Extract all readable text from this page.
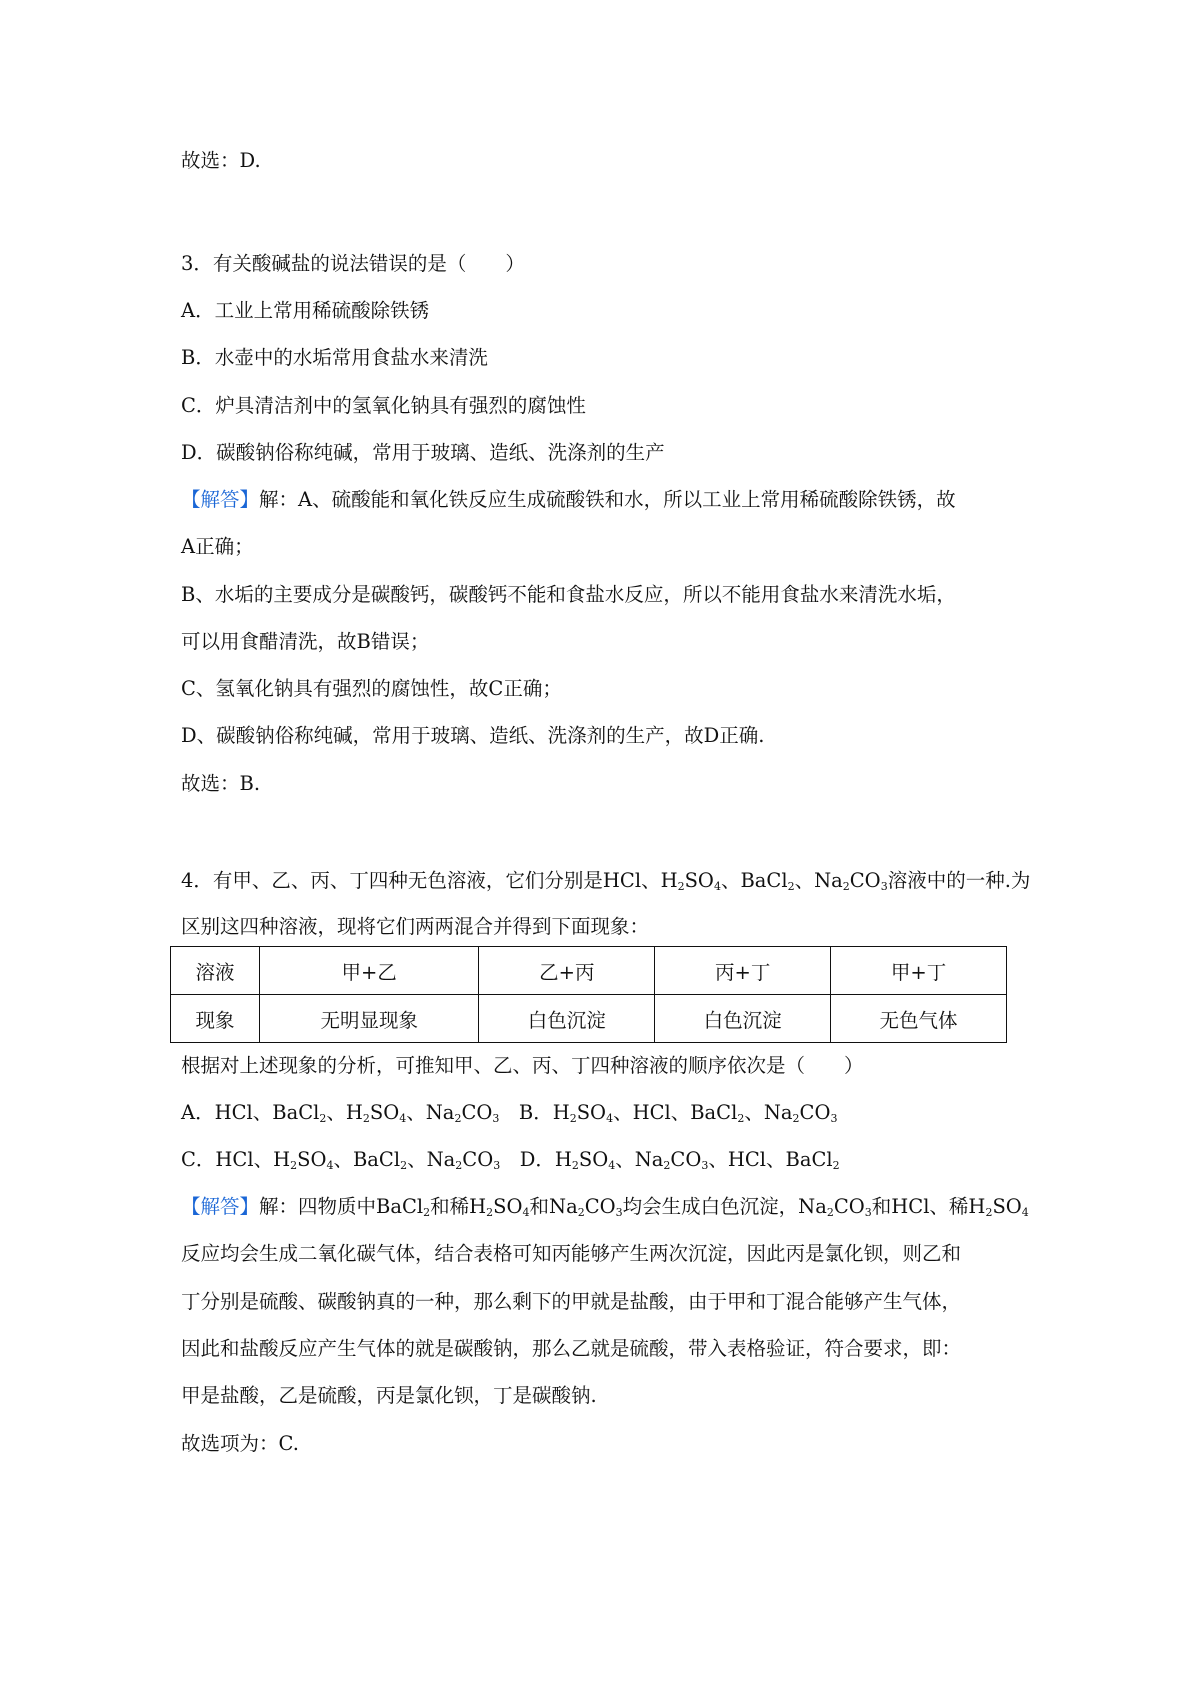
故选：D.
3．有关酸碱盐的说法错误的是（　　）
A．工业上常用稀硫酸除铁锈
B．水壶中的水垢常用食盐水来清洗
C．炉具清洁剂中的氢氧化钠具有强烈的腐蚀性
D．碳酸钠俗称纯碱，常用于玻璃、造纸、洗涤剂的生产
【解答】解：A、硫酸能和氧化铁反应生成硫酸铁和水，所以工业上常用稀硫酸除铁锈，故
A正确；
B、水垢的主要成分是碳酸钙，碳酸钙不能和食盐水反应，所以不能用食盐水来清洗水垢，
可以用食醋清洗，故B错误；
C、氢氧化钠具有强烈的腐蚀性，故C正确；
D、碳酸钠俗称纯碱，常用于玻璃、造纸、洗涤剂的生产，故D正确.
故选：B.
4．有甲、乙、丙、丁四种无色溶液，它们分别是HCl、$H_2SO_4$、BaCl$_2$、$Na_2CO_3$溶液中的一种.为
区别这四种溶液，现将它们两两混合并得到下面现象：
溶液	甲+乙	乙+丙	丙+丁	甲+丁
现象	无明显现象	白色沉淀	白色沉淀	无色气体
根据对上述现象的分析，可推知甲、乙、丙、丁四种溶液的顺序依次是（　　）
A．HCl、BaCl$_2$、$H_2SO_4$、$Na_2CO_3$　B．$H_2SO_4$、HCl、BaCl$_2$、$Na_2CO_3$
C．HCl、$H_2SO_4$、BaCl$_2$、$Na_2CO_3$　D．$H_2SO_4$、$Na_2CO_3$、HCl、BaCl$_2$
【解答】解：四物质中BaCl$_2$和稀$H_2SO_4$和$Na_2CO_3$均会生成白色沉淀，$Na_2CO_3$和HCl、稀$H_2SO_4$
反应均会生成二氧化碳气体，结合表格可知丙能够产生两次沉淀，因此丙是氯化钡，则乙和
丁分别是硫酸、碳酸钠真的一种，那么剩下的甲就是盐酸，由于甲和丁混合能够产生气体，
因此和盐酸反应产生气体的就是碳酸钠，那么乙就是硫酸，带入表格验证，符合要求，即：
甲是盐酸，乙是硫酸，丙是氯化钡，丁是碳酸钠.
故选项为：C.
